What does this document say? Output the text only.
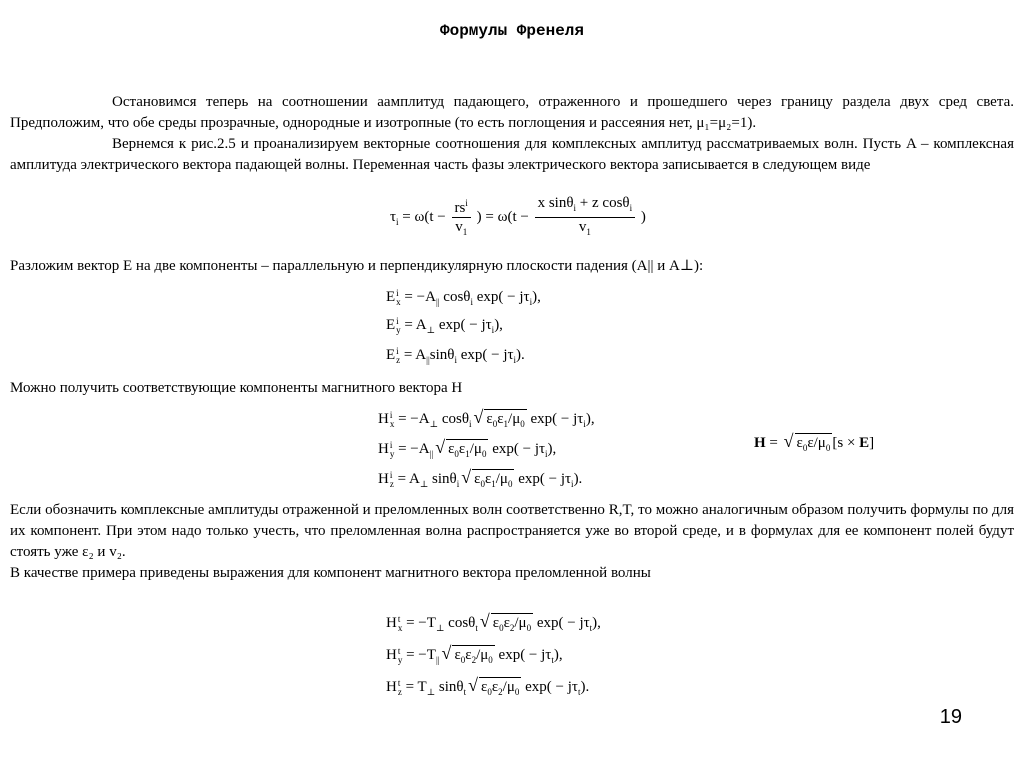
Формулы Френеля
Остановимся теперь на соотношении аамплитуд падающего, отраженного и прошедшего через границу раздела двух сред света. Предположим, что обе среды прозрачные, однородные и изотропные (то есть поглощения и рассеяния нет, μ₁=μ₂=1).
Вернемся к рис.2.5 и проанализируем векторные соотношения для комплексных амплитуд рассматриваемых волн. Пусть A – комплексная амплитуда электрического вектора падающей волны. Переменная часть фазы электрического вектора записывается в следующем виде
$\tau_i = \omega(t - \frac{rs^i}{v_1}$ ) = $\omega(t - \frac{x \sin\theta_i + z \cos\theta_i}{v_1}$ )
Разложим вектор E на две компоненты – параллельную и перпендикулярную плоскости падения (A|| и A⊥):
E i
$x = -A_{||}$ cosθ$_i$ $\exp( - j\tau_i)$,
E i
$y = A_\perp$ $\exp( - j\tau_i)$,
E i
$z = A_{||}\sin\theta_i$ $\exp( - j\tau_i)$.
Можно получить соответствующие компоненты магнитного вектора H
H i
$x = -A_\perp$ cosθ$_i$ √ $\varepsilon_0\varepsilon_1/\mu_0$ $\exp( - j\tau_i)$,
H i
$y = -A_{||}$ √ $\varepsilon_0\varepsilon_1/\mu_0$ $\exp( - j\tau_i)$,
H i
$z = A_\perp$ sinθ$_i$ √ $\varepsilon_0\varepsilon_1/\mu_0$ $\exp( - j\tau_i)$.
H = √ $\varepsilon_0\varepsilon/\mu_0$ [s × E]
Если обозначить комплексные амплитуды отраженной и преломленных волн соответственно R,T, то можно аналогичным образом получить формулы по для их компонент. При этом надо только учесть, что преломленная волна распространяется уже во второй среде, и в формулах для ее компонент полей будут стоять уже ε₂ и v₂.
В качестве примера приведены выражения для компонент магнитного вектора преломленной волны
H t
$x = -T_\perp$ cosθ$_t$ √ $\varepsilon_0\varepsilon_2/\mu_0$ $\exp( - j\tau_t)$,
H t
$y = -T_{||}$ √ $\varepsilon_0\varepsilon_2/\mu_0$ $\exp( - j\tau_t)$,
H t
$z = T_\perp$ sinθ$_t$ √ $\varepsilon_0\varepsilon_2/\mu_0$ $\exp( - j\tau_t)$.
19
